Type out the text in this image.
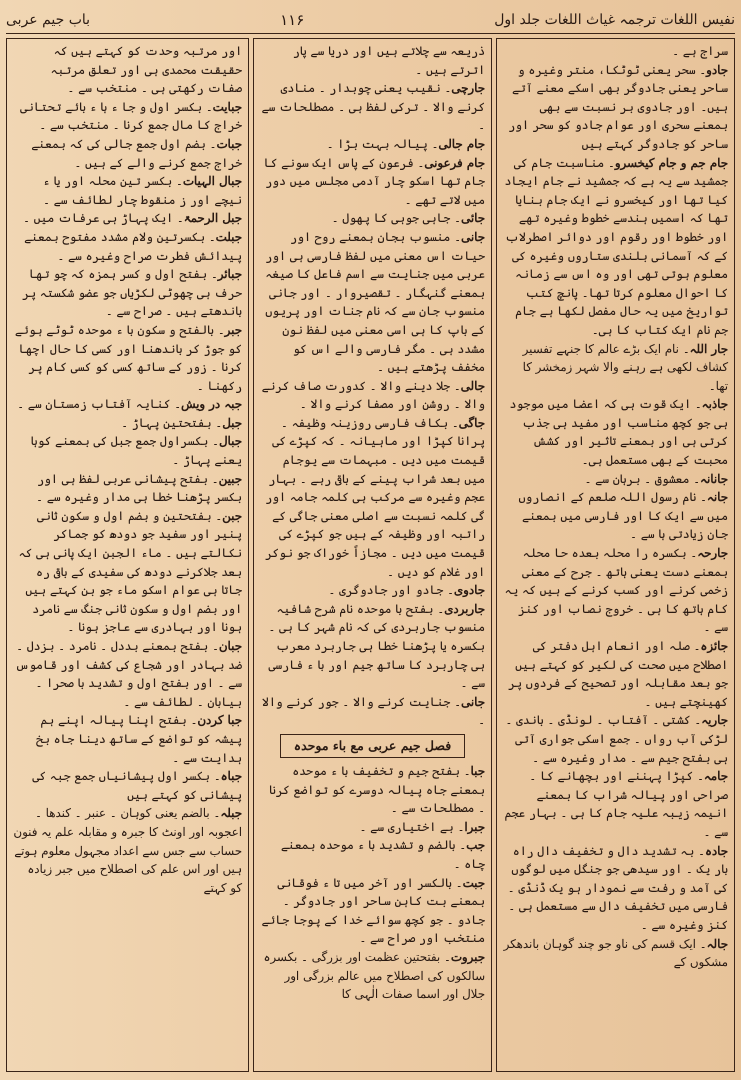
باب جیم عربی	۱۱۶	نفیس اللغات ترجمہ غیاث اللغات جلد اول

سراج ہے ۔

جادو۔ سحر یعنی ٹوٹکا، منتر وغیرہ و ساحر یعنی جادوگر بھی اسکے معنے آتے ہیں۔ اور جادوی بر نسبت سے بھی بمعنے سحری اور عوام جادو کو سحر اور ساحر کو جادوگر کہتے ہیں

جام جم و جام کیخسرو۔ مناسبت جام کی جمشید سے یہ ہے کہ جمشید نے جام ایجاد کیا تھا اور کیخسرو نے ایک جام بنایا تھا کہ اسمیں ہندسے خطوط وغیرہ تھے اور خطوط اور رقوم اور دوائر اصطرلاب کے کہ آسمانی بلندی ستاروں وغیرہ کی معلوم ہوتی تھی اور وہ اس سے زمانہ کا احوال معلوم کرتا تھا۔ پانچ کتب تواریخ میں یہ حال مفصل لکھا ہے جام جم نام ایک کتاب کا ہی۔

جار اللہ۔ نام ایک بڑے عالم کا جنہے تفسیر کشاف لکھی ہے رہنے والا شہر زمخشر کا تھا۔

جاذبہ۔ ایک قوت ہی کہ اعضا میں موجود ہی جو کچھ مناسب اور مفید ہی جذب کرتی ہی اور بمعنے تاثیر اور کشش محبت کے بھی مستعمل ہی۔

جانانہ۔ معشوق ۔ برہان سے ۔

جانہ۔ نام رسول اللہ صلعم کے انصاروں میں سے ایک کا اور فارسی میں بمعنے جان زیادتی ہا سے ۔

جارحہ۔ بکسرہ را محلہ بعدہ حا محلہ بمعنے دست یعنی ہاتھ ۔ جرح کے معنی زخمی کرنے اور کسب کرنے کے ہیں کہ یہ کام ہاتھ کا ہی ۔ خروج نصاب اور کنز سے ۔

جائزہ۔ صلہ اور انعام اہل دفتر کی اصطلاح میں صحت کی لکیر کو کہتے ہیں جو بعد مقابلہ اور تصحیح کے فردوں پر کھینچتے ہیں ۔

جاریہ۔ کشتی ۔ آفتاب ۔ لونڈی ۔ باندی ۔ لڑکی آب رواں ۔ جمع اسکی جواری آتی ہی بفتح جیم سے ۔ مدار وغیرہ سے ۔

جامہ۔ کپڑا پہننے اور بچھانے کا ۔ صراحی اور پیالہ شراب کا بمعنے انیمہ زیبہ علیہ جام کا ہی ۔ بہار عجم سے ۔

جادہ۔ بہ تشدید دال و تخفیف دال راہ بار یک ۔ اور سیدھی جو جنگل میں لوگوں کی آمد و رفت سے نمودار ہو یک ڈنڈی ۔ فارسی میں تخفیف دال سے مستعمل ہی ۔ کنز وغیرہ سے ۔

جالہ۔ ایک قسم کی ناو جو چند گوہان باندھکر مشکوں کے

ذریعہ سے چلاتے ہیں اور دریا سے پار اترتے ہیں ۔

جارچی۔ نقیب یعنی چوبدار ۔ منادی کرنے والا ۔ ترکی لفظ ہی ۔ مصطلحات سے ۔

جام جالی۔ پیالہ بہت بڑا ۔

جام فرعونی۔ فرعون کے پاس ایک سونے کا جام تھا اسکو چار آدمی مجلس میں دور میں لاتے تھے ۔

جائی۔ جاہی جوہی کا پھول ۔

جانی۔ منسوب بجان بمعنے روح اور حیات اس معنی میں لفظ فارسی ہی اور عربی میں جنایت سے اسم فاعل کا صیغہ بمعنے گنہگار ۔ تقصیروار ۔ اور جانی منسوب جان سے کہ نام جنات اور پریوں کے باپ کا ہی اسی معنی میں لفظ نون مشدد ہی ۔ مگر فارسی والے اس کو مخفف پڑھتے ہیں ۔

جالی۔ جلا دینے والا ۔ کدورت صاف کرنے والا ۔ روشن اور مصفا کرنے والا ۔

جاگی۔ بکاف فارسی روزینہ وظیفہ ۔ پرانا کپڑا اور ماہیانہ ۔ کہ کپڑے کی قیمت میں دیں ۔ مبہمات سے یوجام میں بعد شراب پینے کے باقی رہے ۔ بہار عجم وغیرہ سے مرکب ہی کلمہ جامہ اور گی کلمہ نسبت سے اصلی معنی جاگی کے راتبہ اور وظیفہ کے ہیں جو کپڑے کی قیمت میں دیں ۔ مجازاً خوراک جو نوکر اور غلام کو دیں ۔

جادوی۔ جادو اور جادوگری ۔

جاربردی۔ بفتح با موحدہ نام شرح شافیہ منسوب جاربردی کی کہ نام شہر کا ہی ۔ بکسرہ یا پڑھنا خطا ہی جاربرد معرب ہی چاربرد کا ساتھ جیم اور با ء فارسی سے ۔

جانی۔ جنایت کرنے والا ۔ جور کرنے والا ۔

فصل جیم عربی مع باء موحدہ

جبا۔ بفتح جیم و تخفیف با ء موحدہ بمعنے جاہ پیالہ دوسرے کو تواضع کرنا ۔ مصطلحات سے ۔

جبرا۔ بے اختیاری سے ۔

جب۔ بالضم و تشدید با ء موحدہ بمعنے چاہ ۔

جبت۔ بالکسر اور آخر میں تا ء فوقانی بمعنے بت کاہن ساحر اور جادوگر ۔ جادو ۔ جو کچھ سوائے خدا کے پوجا جائے منتخب اور صراح سے ۔

جبروت۔ بفتحتین عظمت اور بزرگی ۔ بکسرہ سالکوں کی اصطلاح میں عالم بزرگی اور جلال اور اسما صفات الٰہی کا

اور مرتبہ وحدت کو کہتے ہیں کہ حقیقت محمدی ہی اور تعلق مرتبہ صفات رکھتی ہی ۔ منتخب سے ۔

جبایت۔ بکسر اول و جا ء ہا ء بائے تحتانی خراج کا مال جمع کرنا ۔ منتخب سے ۔

جبات۔ بضم اول جمع جالی کی کہ بمعنے خراج جمع کرنے والے کے ہیں ۔

جبال الہیات۔ بکسر تین محلہ اور یا ء نیچے اور ز منقوط چار لطائف سے ۔

جبل الرحمۃ۔ ایک پہاڑ ہی عرفات میں ۔

جبلت۔ بکسرتین ولام مشدد مفتوح بمعنے پیدائش فطرت صراح وغیرہ سے ۔

جبائر۔ بفتح اول و کسر ہمزہ کہ چو تھا حرف ہی چھوٹی لکڑیاں جو عضو شکستہ پر باندھتے ہیں ۔ صراح سے ۔

جبر۔ بالفتح و سکون با ء موحدہ ٹوٹے ہوئے کو جوڑ کر باندھنا اور کسی کا حال اچھا کرنا ۔ زور کے ساتھ کسی کو کسی کام پر رکھنا ۔

جبہ در ویش۔ کنایہ آفتاب زمستان سے ۔

جبل۔ بفتحتین پہاڑ ۔

جبال۔ بکسراول جمع جبل کی بمعنے کوہا یعنے پہاڑ ۔

جبین۔ بفتح پیشانی عربی لفظ ہی اور بکسر پڑھنا خطا ہی مدار وغیرہ سے ۔

جبن۔ بفتحتین و بضم اول و سکون ثانی پنیر اور سفید جو دودھ کو جماکر نکالتے ہیں ۔ ماء الجبن ایک پانی ہی کہ بعد جلاکرنے دودھ کی سفیدی کے باقی رہ جاتا ہی عوام اسکو ماء جو بن کہتے ہیں اور بضم اول و سکون ثانی جنگ سے نامرد ہونا اور بہادری سے عاجز ہونا ۔

جبان۔ بفتح بمعنے بددل ۔ نامرد ۔ بزدل ۔ ضد بہادر اور شجاع کی کشف اور قاموس سے ۔ اور بفتح اول و تشدید با صحرا ۔ بیابان ۔ لطائف سے ۔

جبا کردن۔ بفتح اپنا پیالہ اپنے ہم پیشہ کو تواضع کے ساتھ دینا جاہ بخ ہدایت سے ۔

جباہ۔ بکسر اول پیشانیاں جمع جبہ کی پیشانی کو کہتے ہیں

جبلہ۔ بالضم یعنی کوہان ۔ عنبر ۔ کندھا ۔ اعجوبہ اور اونٹ کا جبرہ و مقابلہ علم یہ فنون حساب سے جس سے اعداد مجہول معلوم ہوتے ہیں اور اس علم کی اصطلاح میں جبر زیادہ کو کہتے
